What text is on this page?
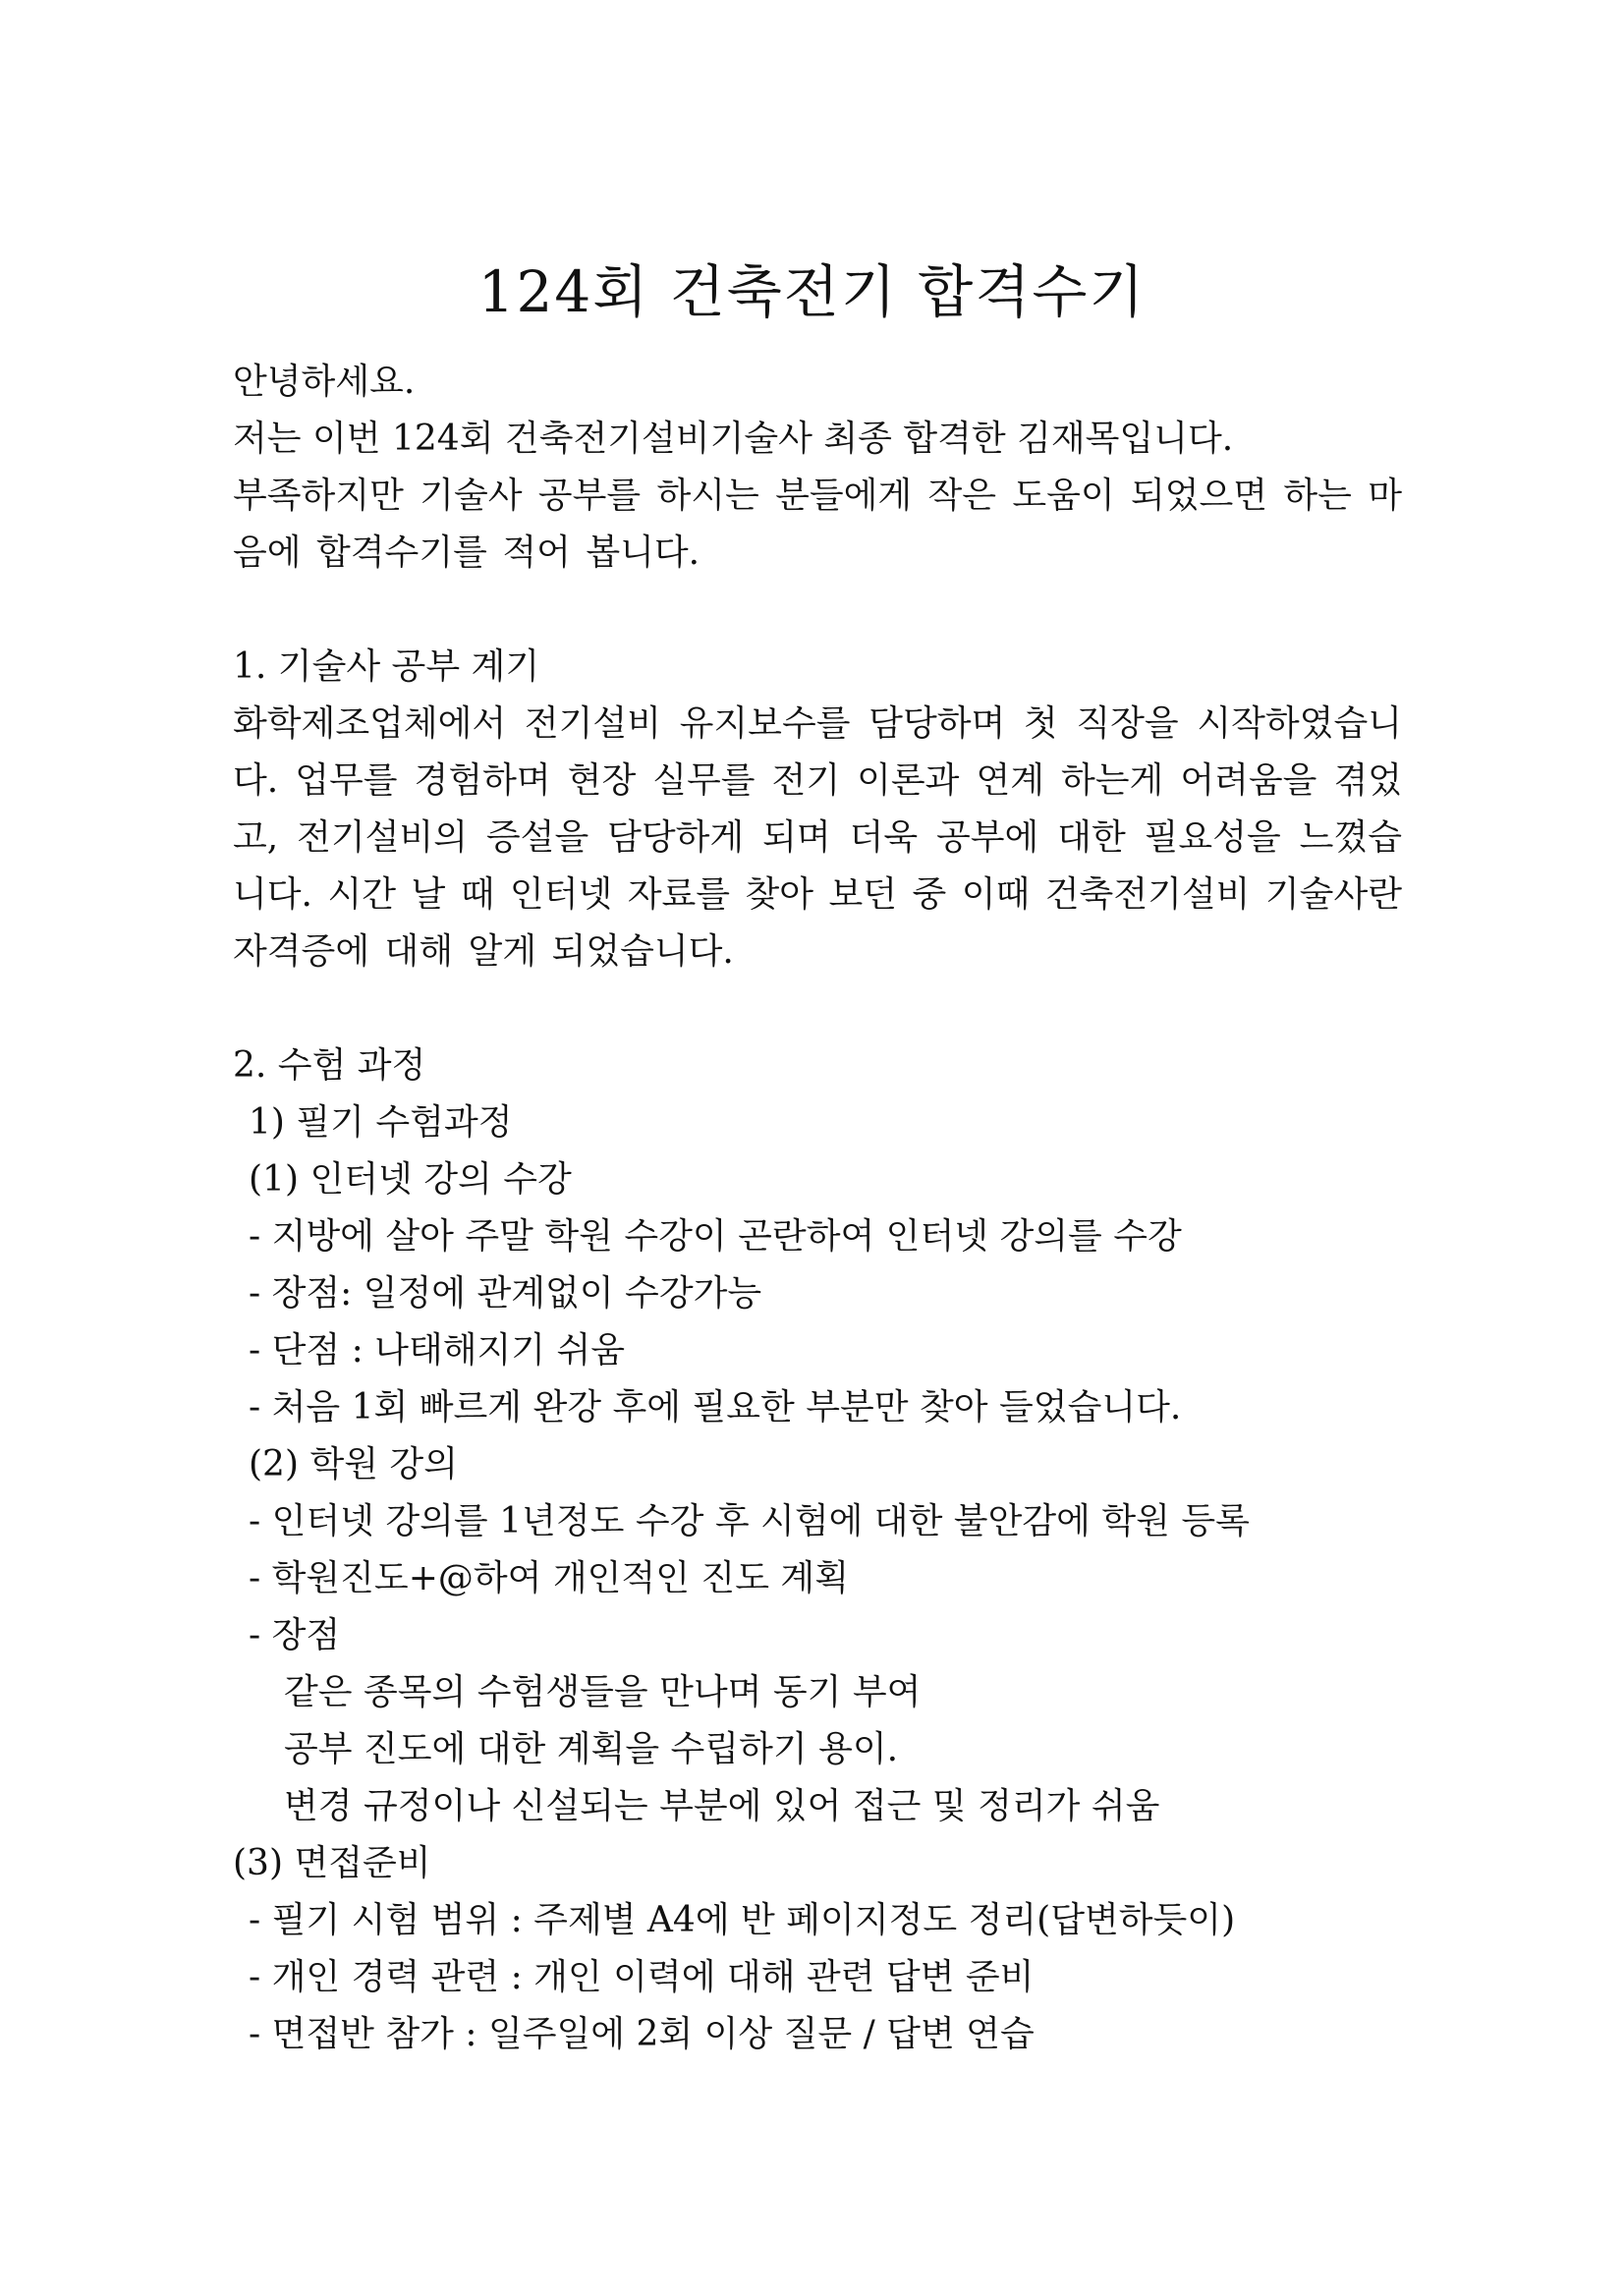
124회 건축전기 합격수기

안녕하세요.

저는 이번 124회 건축전기설비기술사 최종 합격한 김재목입니다.

부족하지만 기술사 공부를 하시는 분들에게 작은 도움이 되었으면 하는 마음에 합격수기를 적어 봅니다.

1. 기술사 공부 계기

화학제조업체에서 전기설비 유지보수를 담당하며 첫 직장을 시작하였습니다. 업무를 경험하며 현장 실무를 전기 이론과 연계 하는게 어려움을 겪었고, 전기설비의 증설을 담당하게 되며 더욱 공부에 대한 필요성을 느꼈습니다. 시간 날 때 인터넷 자료를 찾아 보던 중 이때 건축전기설비 기술사란 자격증에 대해 알게 되었습니다.

2. 수험 과정

1) 필기 수험과정

(1) 인터넷 강의 수강

- 지방에 살아 주말 학원 수강이 곤란하여 인터넷 강의를 수강

- 장점: 일정에 관계없이 수강가능

- 단점 : 나태해지기 쉬움

- 처음 1회 빠르게 완강 후에 필요한 부분만 찾아 들었습니다.

(2) 학원 강의

- 인터넷 강의를 1년정도 수강 후 시험에 대한 불안감에 학원 등록

- 학원진도+@하여 개인적인 진도 계획

- 장점

같은 종목의 수험생들을 만나며 동기 부여

공부 진도에 대한 계획을 수립하기 용이.

변경 규정이나 신설되는 부분에 있어 접근 및 정리가 쉬움

(3) 면접준비

- 필기 시험 범위 : 주제별 A4에 반 페이지정도 정리(답변하듯이)

- 개인 경력 관련 : 개인 이력에 대해 관련 답변 준비

- 면접반 참가 : 일주일에 2회 이상 질문 / 답변 연습
